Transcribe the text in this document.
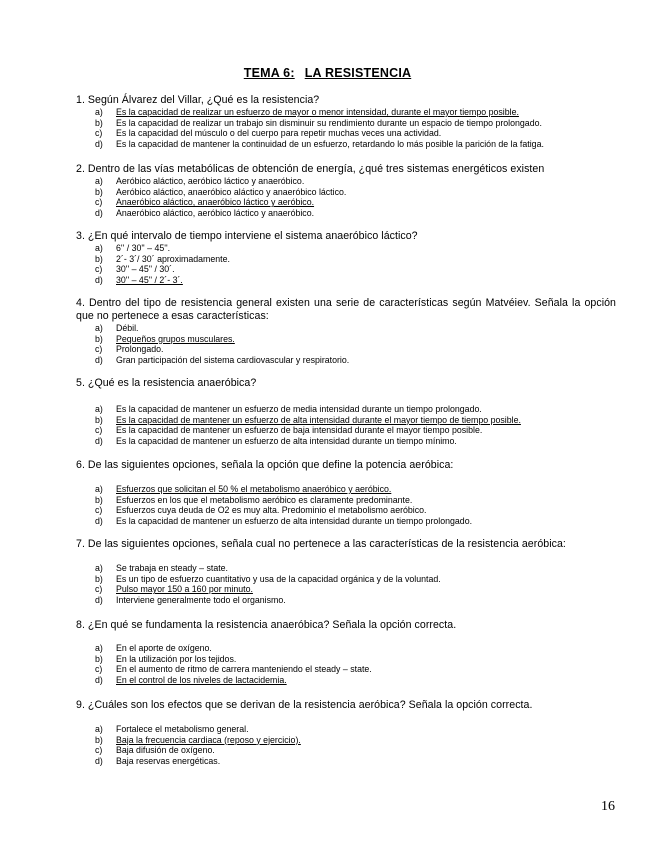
TEMA 6: LA RESISTENCIA
1. Según Álvarez del Villar, ¿Qué es la resistencia?
a) Es la capacidad de realizar un esfuerzo de mayor o menor intensidad, durante el mayor tiempo posible.
b) Es la capacidad de realizar un trabajo sin disminuir su rendimiento durante un espacio de tiempo prolongado.
c) Es la capacidad del músculo o del cuerpo para repetir muchas veces una actividad.
d) Es la capacidad de mantener la continuidad de un esfuerzo, retardando lo más posible la parición de la fatiga.
2. Dentro de las vías metabólicas de obtención de energía, ¿qué tres sistemas energéticos existen
a) Aeróbico aláctico, aeróbico láctico y anaeróbico.
b) Aeróbico aláctico, anaeróbico aláctico y anaeróbico láctico.
c) Anaeróbico aláctico, anaeróbico láctico y aeróbico.
d) Anaeróbico aláctico, aeróbico láctico y anaeróbico.
3. ¿En qué intervalo de tiempo interviene el sistema anaeróbico láctico?
a) 6'' / 30'' – 45''.
b) 2´- 3´/ 30´ aproximadamente.
c) 30'' – 45'' / 30´.
d) 30'' – 45'' / 2´- 3´.
4. Dentro del tipo de resistencia general existen una serie de características según Matvéiev. Señala la opción que no pertenece a esas características:
a) Débil.
b) Pequeños grupos musculares.
c) Prolongado.
d) Gran participación del sistema cardiovascular y respiratorio.
5. ¿Qué es la resistencia anaeróbica?
a) Es la capacidad de mantener un esfuerzo de media intensidad durante un tiempo prolongado.
b) Es la capacidad de mantener un esfuerzo de alta intensidad durante el mayor tiempo de tiempo posible.
c) Es la capacidad de mantener un esfuerzo de baja intensidad durante el mayor tiempo posible.
d) Es la capacidad de mantener un esfuerzo de alta intensidad durante un tiempo mínimo.
6. De las siguientes opciones, señala la opción que define la potencia aeróbica:
a) Esfuerzos que solicitan el 50 % el metabolismo anaeróbico y aeróbico.
b) Esfuerzos en los que el metabolismo aeróbico es claramente predominante.
c) Esfuerzos cuya deuda de O2 es muy alta. Predominio el metabolismo aeróbico.
d) Es la capacidad de mantener un esfuerzo de alta intensidad durante un tiempo prolongado.
7. De las siguientes opciones, señala cual no pertenece a las características de la resistencia aeróbica:
a) Se trabaja en steady – state.
b) Es un tipo de esfuerzo cuantitativo y usa de la capacidad orgánica y de la voluntad.
c) Pulso mayor 150 a 160 por minuto.
d) Interviene generalmente todo el organismo.
8. ¿En qué se fundamenta la resistencia anaeróbica? Señala la opción correcta.
a) En el aporte de oxígeno.
b) En la utilización por los tejidos.
c) En el aumento de ritmo de carrera manteniendo el steady – state.
d) En el control de los niveles de lactacidemia.
9. ¿Cuáles son los efectos que se derivan de la resistencia aeróbica? Señala la opción correcta.
a) Fortalece el metabolismo general.
b) Baja la frecuencia cardiaca (reposo y ejercicio).
c) Baja difusión de oxígeno.
d) Baja reservas energéticas.
16
